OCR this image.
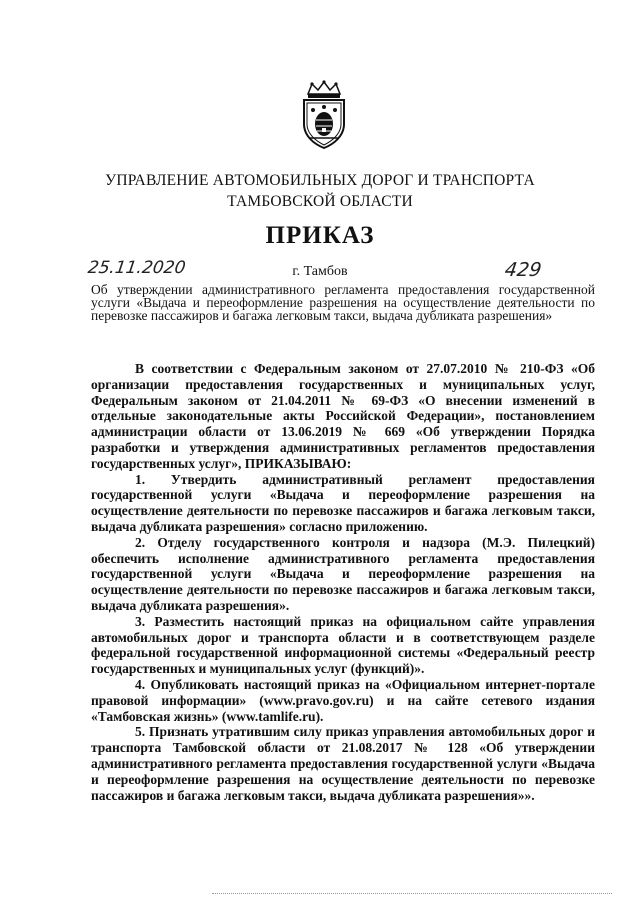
УПРАВЛЕНИЕ АВТОМОБИЛЬНЫХ ДОРОГ И ТРАНСПОРТА
ТАМБОВСКОЙ ОБЛАСТИ
ПРИКАЗ
25.11.2020	г. Тамбов	429
Об утверждении административного регламента предоставления государственной услуги «Выдача и переоформление разрешения на осуществление деятельности по перевозке пассажиров и багажа легковым такси, выдача дубликата разрешения»

В соответствии с Федеральным законом от 27.07.2010 № 210-ФЗ «Об организации предоставления государственных и муниципальных услуг, Федеральным законом от 21.04.2011 № 69-ФЗ «О внесении изменений в отдельные законодательные акты Российской Федерации», постановлением администрации области от 13.06.2019 № 669 «Об утверждении Порядка разработки и утверждения административных регламентов предоставления государственных услуг», ПРИКАЗЫВАЮ:

1. Утвердить административный регламент предоставления государственной услуги «Выдача и переоформление разрешения на осуществление деятельности по перевозке пассажиров и багажа легковым такси, выдача дубликата разрешения» согласно приложению.

2. Отделу государственного контроля и надзора (М.Э. Пилецкий) обеспечить исполнение административного регламента предоставления государственной услуги «Выдача и переоформление разрешения на осуществление деятельности по перевозке пассажиров и багажа легковым такси, выдача дубликата разрешения».

3. Разместить настоящий приказ на официальном сайте управления автомобильных дорог и транспорта области и в соответствующем разделе федеральной государственной информационной системы «Федеральный реестр государственных и муниципальных услуг (функций)».

4. Опубликовать настоящий приказ на «Официальном интернет-портале правовой информации» (www.pravo.gov.ru) и на сайте сетевого издания «Тамбовская жизнь» (www.tamlife.ru).

5. Признать утратившим силу приказ управления автомобильных дорог и транспорта Тамбовской области от 21.08.2017 № 128 «Об утверждении административного регламента предоставления государственной услуги «Выдача и переоформление разрешения на осуществление деятельности по перевозке пассажиров и багажа легковым такси, выдача дубликата разрешения»».
